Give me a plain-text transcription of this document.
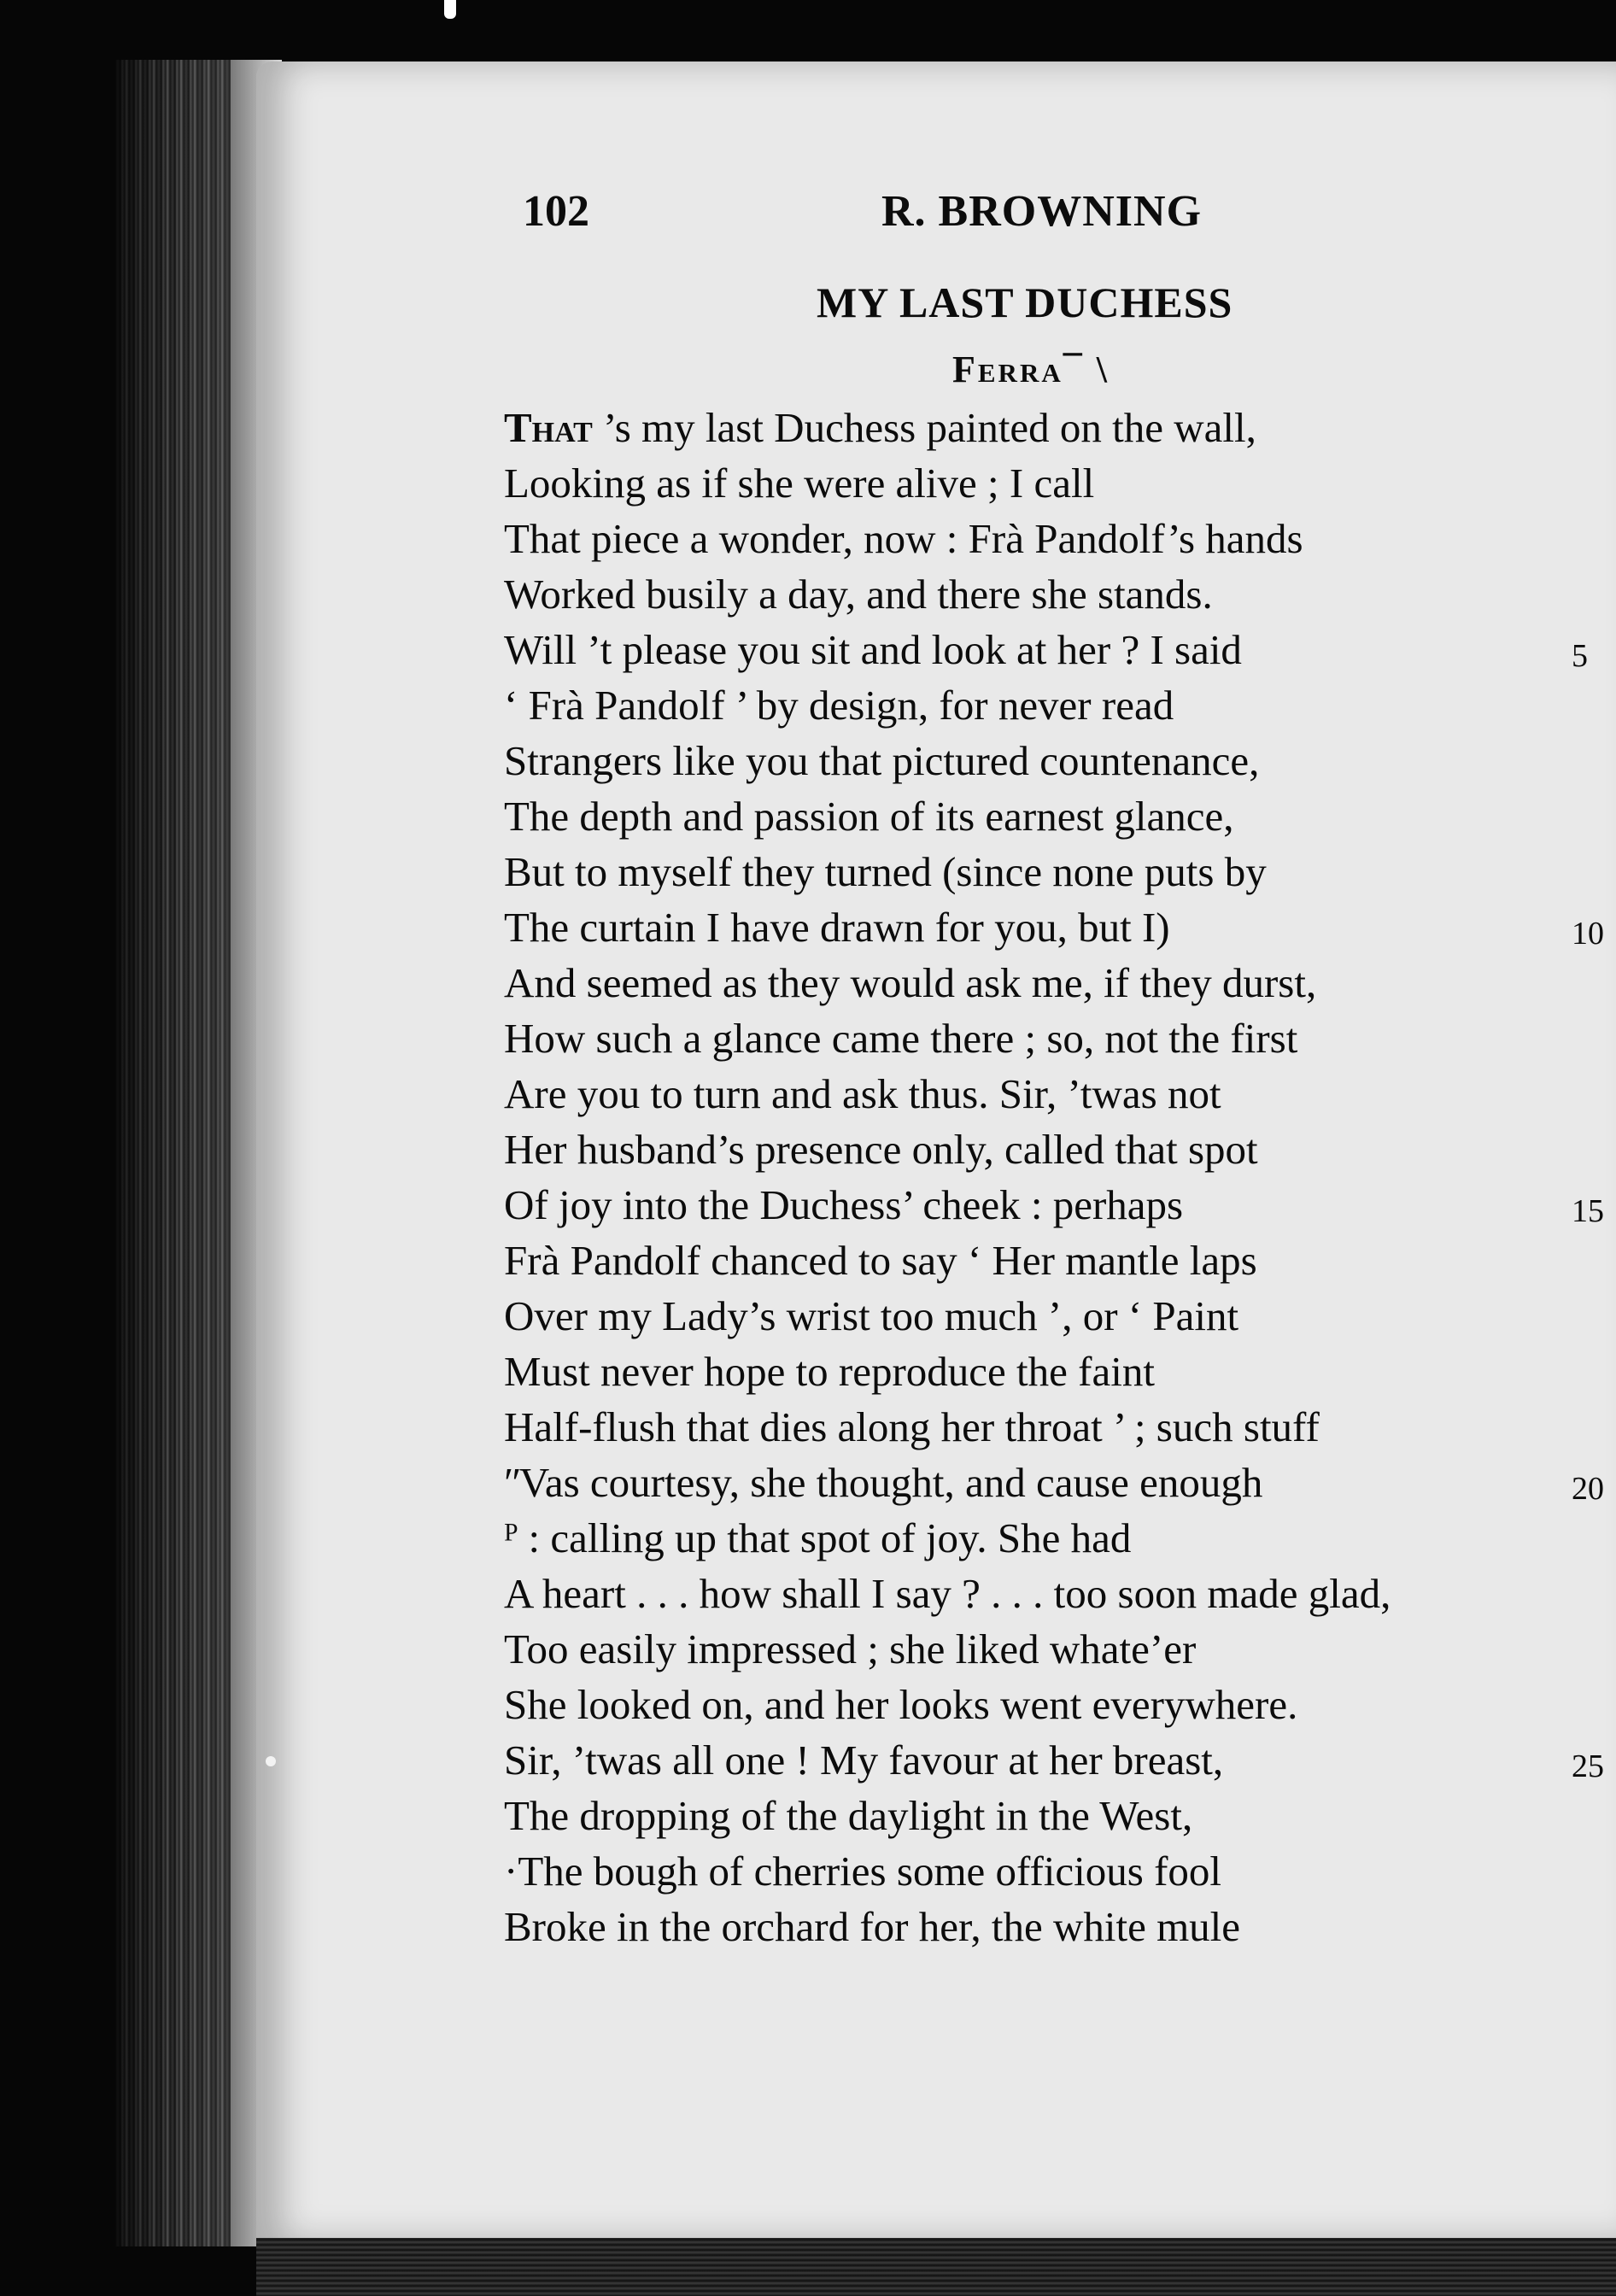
102	R. BROWNING
MY LAST DUCHESS
Ferra¯ \
That ’s my last Duchess painted on the wall,
Looking as if she were alive ; I call
That piece a wonder, now : Frà Pandolf’s hands
Worked busily a day, and there she stands.
Will ’t please you sit and look at her ? I said	5
‘ Frà Pandolf ’ by design, for never read
Strangers like you that pictured countenance,
The depth and passion of its earnest glance,
But to myself they turned (since none puts by
The curtain I have drawn for you, but I)	10
And seemed as they would ask me, if they durst,
How such a glance came there ; so, not the first
Are you to turn and ask thus. Sir, ’twas not
Her husband’s presence only, called that spot
Of joy into the Duchess’ cheek : perhaps	15
Frà Pandolf chanced to say ‘ Her mantle laps
Over my Lady’s wrist too much ’, or ‘ Paint
Must never hope to reproduce the faint
Half-flush that dies along her throat ’ ; such stuff
ʺVas courtesy, she thought, and cause enough	20
ᴾ : calling up that spot of joy. She had
A heart . . . how shall I say ? . . . too soon made glad,
Too easily impressed ; she liked whate’er
She looked on, and her looks went everywhere.
Sir, ’twas all one ! My favour at her breast,	25
The dropping of the daylight in the West,
·The bough of cherries some officious fool
Broke in the orchard for her, the white mule
